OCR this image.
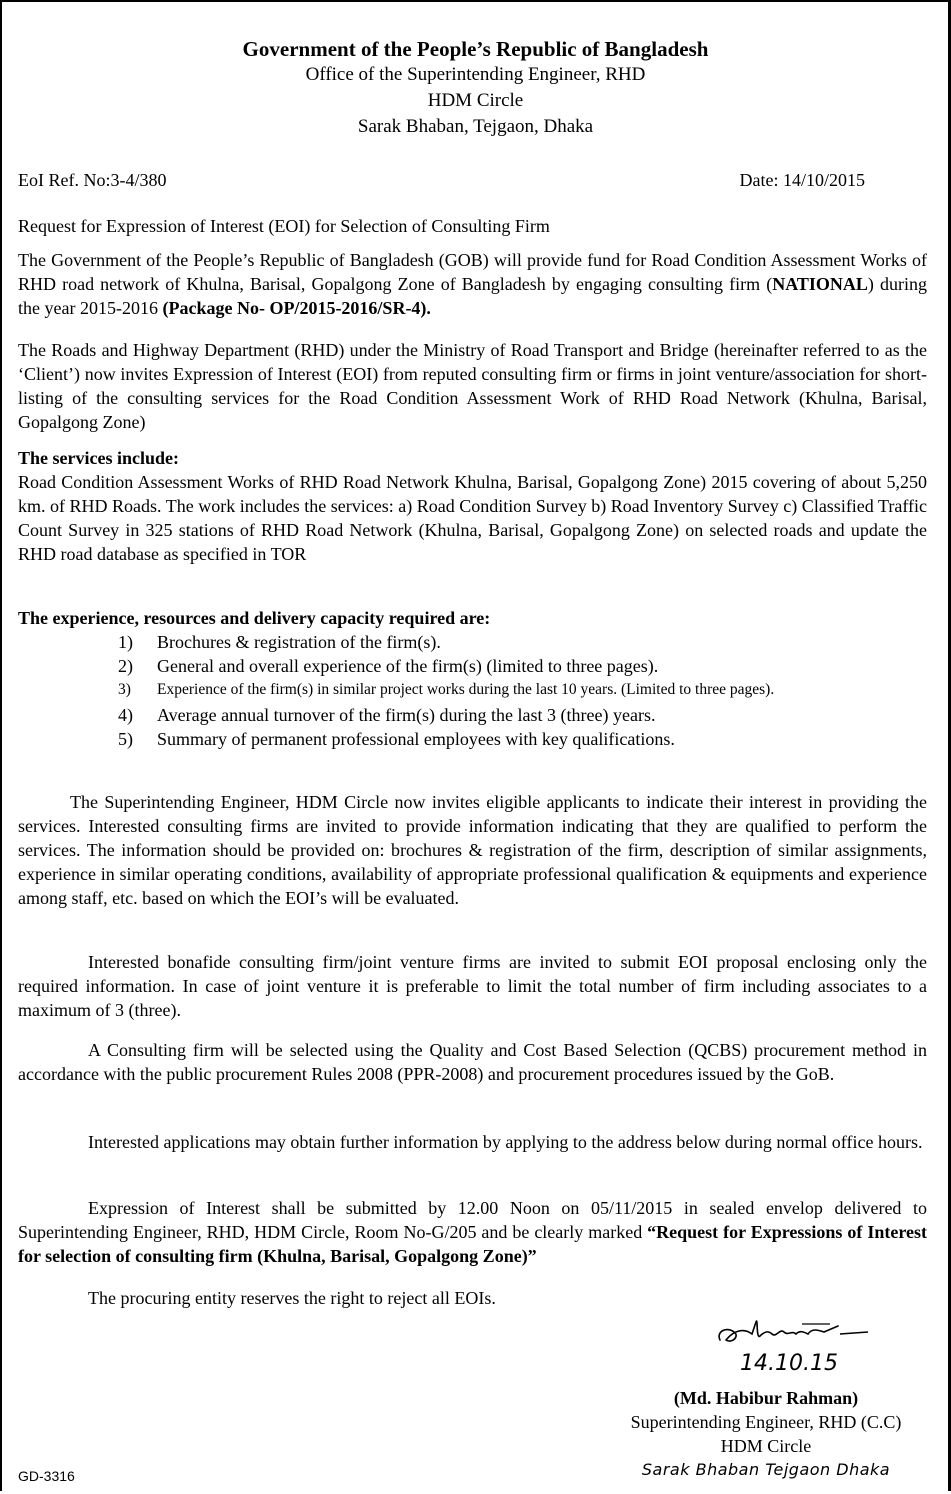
Government of the People’s Republic of Bangladesh
Office of the Superintending Engineer, RHD
HDM Circle
Sarak Bhaban, Tejgaon, Dhaka
EoI Ref. No:3-4/380	Date: 14/10/2015
Request for Expression of Interest (EOI) for Selection of Consulting Firm
The Government of the People’s Republic of Bangladesh (GOB) will provide fund for Road Condition Assessment Works of RHD road network of Khulna, Barisal, Gopalgong Zone of Bangladesh by engaging consulting firm (NATIONAL) during the year 2015-2016 (Package No- OP/2015-2016/SR-4).
The Roads and Highway Department (RHD) under the Ministry of Road Transport and Bridge (hereinafter referred to as the ‘Client’) now invites Expression of Interest (EOI) from reputed consulting firm or firms in joint venture/association for short-listing of the consulting services for the Road Condition Assessment Work of RHD Road Network (Khulna, Barisal, Gopalgong Zone)
The services include:
Road Condition Assessment Works of RHD Road Network Khulna, Barisal, Gopalgong Zone) 2015 covering of about 5,250 km. of RHD Roads. The work includes the services: a) Road Condition Survey b) Road Inventory Survey c) Classified Traffic Count Survey in 325 stations of RHD Road Network (Khulna, Barisal, Gopalgong Zone) on selected roads and update the RHD road database as specified in TOR
The experience, resources and delivery capacity required are:
1) Brochures & registration of the firm(s).
2) General and overall experience of the firm(s) (limited to three pages).
3) Experience of the firm(s) in similar project works during the last 10 years. (Limited to three pages).
4) Average annual turnover of the firm(s) during the last 3 (three) years.
5) Summary of permanent professional employees with key qualifications.
The Superintending Engineer, HDM Circle now invites eligible applicants to indicate their interest in providing the services. Interested consulting firms are invited to provide information indicating that they are qualified to perform the services. The information should be provided on: brochures & registration of the firm, description of similar assignments, experience in similar operating conditions, availability of appropriate professional qualification & equipments and experience among staff, etc. based on which the EOI’s will be evaluated.
Interested bonafide consulting firm/joint venture firms are invited to submit EOI proposal enclosing only the required information. In case of joint venture it is preferable to limit the total number of firm including associates to a maximum of 3 (three).
A Consulting firm will be selected using the Quality and Cost Based Selection (QCBS) procurement method in accordance with the public procurement Rules 2008 (PPR-2008) and procurement procedures issued by the GoB.
Interested applications may obtain further information by applying to the address below during normal office hours.
Expression of Interest shall be submitted by 12.00 Noon on 05/11/2015 in sealed envelop delivered to Superintending Engineer, RHD, HDM Circle, Room No-G/205 and be clearly marked “Request for Expressions of Interest for selection of consulting firm (Khulna, Barisal, Gopalgong Zone)”
The procuring entity reserves the right to reject all EOIs.
14.10.15
(Md. Habibur Rahman)
Superintending Engineer, RHD (C.C)
HDM Circle
Sarak Bhaban Tejgaon Dhaka
GD-3316
